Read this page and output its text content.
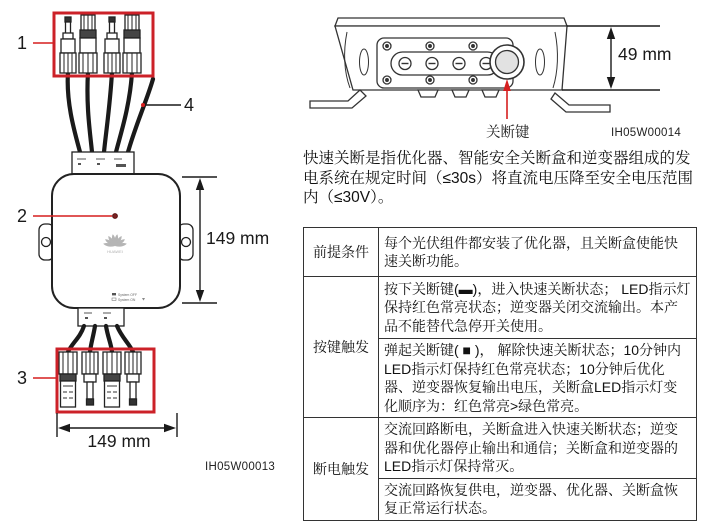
HUAWEI
System OFF
System ON
1
2
3
4
149 mm
149 mm
IH05W00013
49 mm
关断键	IH05W00014
快速关断是指优化器、智能安全关断盒和逆变器组成的发电系统在规定时间（≤30s）将直流电压降至安全电压范围内（≤30V）。
前提条件	每个光伏组件都安装了优化器，且关断盒使能快速关断功能。
按键触发	按下关断键(▬)，进入快速关断状态； LED指示灯保持红色常亮状态；逆变器关闭交流输出。本产品不能替代急停开关使用。
	弹起关断键( ■ )， 解除快速关断状态；10分钟内LED指示灯保持红色常亮状态；10分钟后优化器、逆变器恢复输出电压，关断盒LED指示灯变化顺序为：红色常亮>绿色常亮。
断电触发	交流回路断电，关断盒进入快速关断状态；逆变器和优化器停止输出和通信；关断盒和逆变器的LED指示灯保持常灭。
	交流回路恢复供电，逆变器、优化器、关断盒恢复正常运行状态。
